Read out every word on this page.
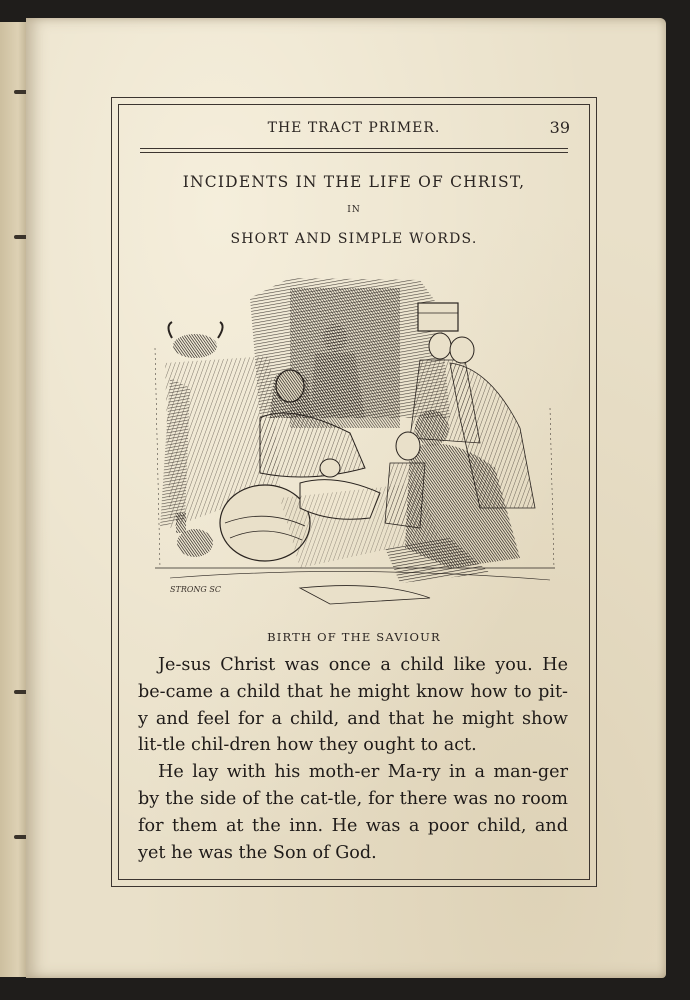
THE TRACT PRIMER.	39
INCIDENTS IN THE LIFE OF CHRIST,
IN
SHORT AND SIMPLE WORDS.
STRONG SC
BIRTH OF THE SAVIOUR

Je-sus Christ was once a child like you. He be-came a child that he might know how to pit-y and feel for a child, and that he might show lit-tle chil-dren how they ought to act.

He lay with his moth-er Ma-ry in a man-ger by the side of the cat-tle, for there was no room for them at the inn. He was a poor child, and yet he was the Son of God.
